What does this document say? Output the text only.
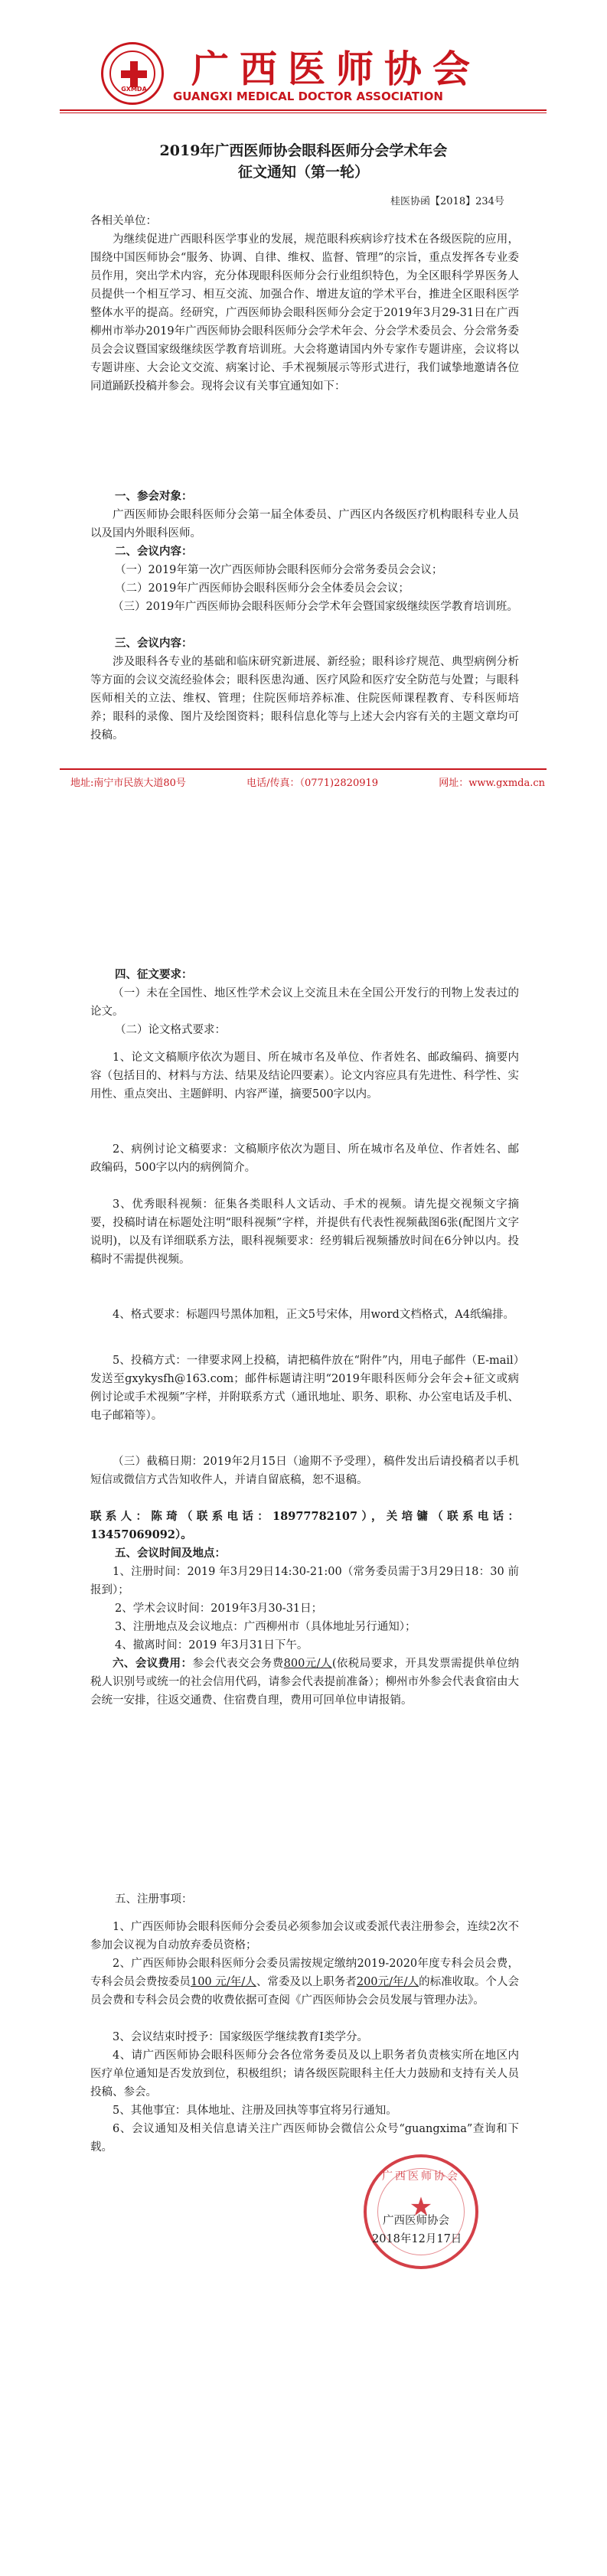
GXMDA 广西医师协会
GUANGXI MEDICAL DOCTOR ASSOCIATION
2019年广西医师协会眼科医师分会学术年会
征文通知（第一轮）
桂医协函【2018】234号
各相关单位：
为继续促进广西眼科医学事业的发展，规范眼科疾病诊疗技术在各级医院的应用，围绕中国医师协会“服务、协调、自律、维权、监督、管理”的宗旨，重点发挥各专业委员作用，突出学术内容，充分体现眼科医师分会行业组织特色，为全区眼科学界医务人员提供一个相互学习、相互交流、加强合作、增进友谊的学术平台，推进全区眼科医学整体水平的提高。经研究，广西医师协会眼科医师分会定于2019年3月29-31日在广西柳州市举办2019年广西医师协会眼科医师分会学术年会、分会学术委员会、分会常务委员会会议暨国家级继续医学教育培训班。大会将邀请国内外专家作专题讲座，会议将以专题讲座、大会论文交流、病案讨论、手术视频展示等形式进行，我们诚挚地邀请各位同道踊跃投稿并参会。现将会议有关事宜通知如下：
一、参会对象：
广西医师协会眼科医师分会第一届全体委员、广西区内各级医疗机构眼科专业人员以及国内外眼科医师。
二、会议内容：
（一）2019年第一次广西医师协会眼科医师分会常务委员会会议；
（二）2019年广西医师协会眼科医师分会全体委员会会议；
（三）2019年广西医师协会眼科医师分会学术年会暨国家级继续医学教育培训班。
三、会议内容：
涉及眼科各专业的基础和临床研究新进展、新经验；眼科诊疗规范、典型病例分析等方面的会议交流经验体会；眼科医患沟通、医疗风险和医疗安全防范与处置；与眼科医师相关的立法、维权、管理；住院医师培养标准、住院医师课程教育、专科医师培养；眼科的录像、图片及绘图资料；眼科信息化等与上述大会内容有关的主题文章均可投稿。
地址:南宁市民族大道80号	电话/传真：（0771)2820919	网址：www.gxmda.cn
四、征文要求：
（一）未在全国性、地区性学术会议上交流且未在全国公开发行的刊物上发表过的论文。
（二）论文格式要求：
1、论文文稿顺序依次为题目、所在城市名及单位、作者姓名、邮政编码、摘要内容（包括目的、材料与方法、结果及结论四要素）。论文内容应具有先进性、科学性、实用性、重点突出、主题鲜明、内容严谨，摘要500字以内。
2、病例讨论文稿要求：文稿顺序依次为题目、所在城市名及单位、作者姓名、邮政编码，500字以内的病例简介。
3、优秀眼科视频：征集各类眼科人文话动、手术的视频。请先提交视频文字摘要，投稿时请在标题处注明“眼科视频”字样，并提供有代表性视频截图6张(配图片文字说明)，以及有详细联系方法，眼科视频要求：经剪辑后视频播放时间在6分钟以内。投稿时不需提供视频。
4、格式要求：标题四号黑体加粗，正文5号宋体，用word文档格式，A4纸编排。
5、投稿方式：一律要求网上投稿，请把稿件放在“附件”内，用电子邮件（E-mail）发送至gxykysfh@163.com；邮件标题请注明“2019年眼科医师分会年会+征文或病例讨论或手术视频”字样，并附联系方式（通讯地址、职务、职称、办公室电话及手机、电子邮箱等）。
（三）截稿日期：2019年2月15日（逾期不予受理），稿件发出后请投稿者以手机短信或微信方式告知收件人，并请自留底稿，恕不退稿。
联系人：陈琦（联系电话：18977782107），关培镛（联系电话：13457069092）。
五、会议时间及地点：
1、注册时间：2019 年3月29日14:30-21:00（常务委员需于3月29日18：30 前报到）；
2、学术会议时间：2019年3月30-31日；
3、注册地点及会议地点：广西柳州市（具体地址另行通知）；
4、撤离时间：2019 年3月31日下午。
六、会议费用：参会代表交会务费800元/人(依税局要求，开具发票需提供单位纳税人识别号或统一的社会信用代码，请参会代表提前准备）；柳州市外参会代表食宿由大会统一安排，往返交通费、住宿费自理，费用可回单位申请报销。
五、注册事项：
1、广西医师协会眼科医师分会委员必须参加会议或委派代表注册参会，连续2次不参加会议视为自动放弃委员资格；
2、广西医师协会眼科医师分会委员需按规定缴纳2019-2020年度专科会员会费，专科会员会费按委员100 元/年/人、常委及以上职务者200元/年/人的标准收取。个人会员会费和专科会员会费的收费依据可查阅《广西医师协会会员发展与管理办法》。
3、会议结束时授予：国家级医学继续教育I类学分。
4、请广西医师协会眼科医师分会各位常务委员及以上职务者负责核实所在地区内医疗单位通知是否发放到位，积极组织；请各级医院眼科主任大力鼓励和支持有关人员投稿、参会。
5、其他事宜：具体地址、注册及回执等事宜将另行通知。
6、会议通知及相关信息请关注广西医师协会微信公众号“guangxima”查询和下载。
广西医师协会
★
广西医师协会
2018年12月17日
